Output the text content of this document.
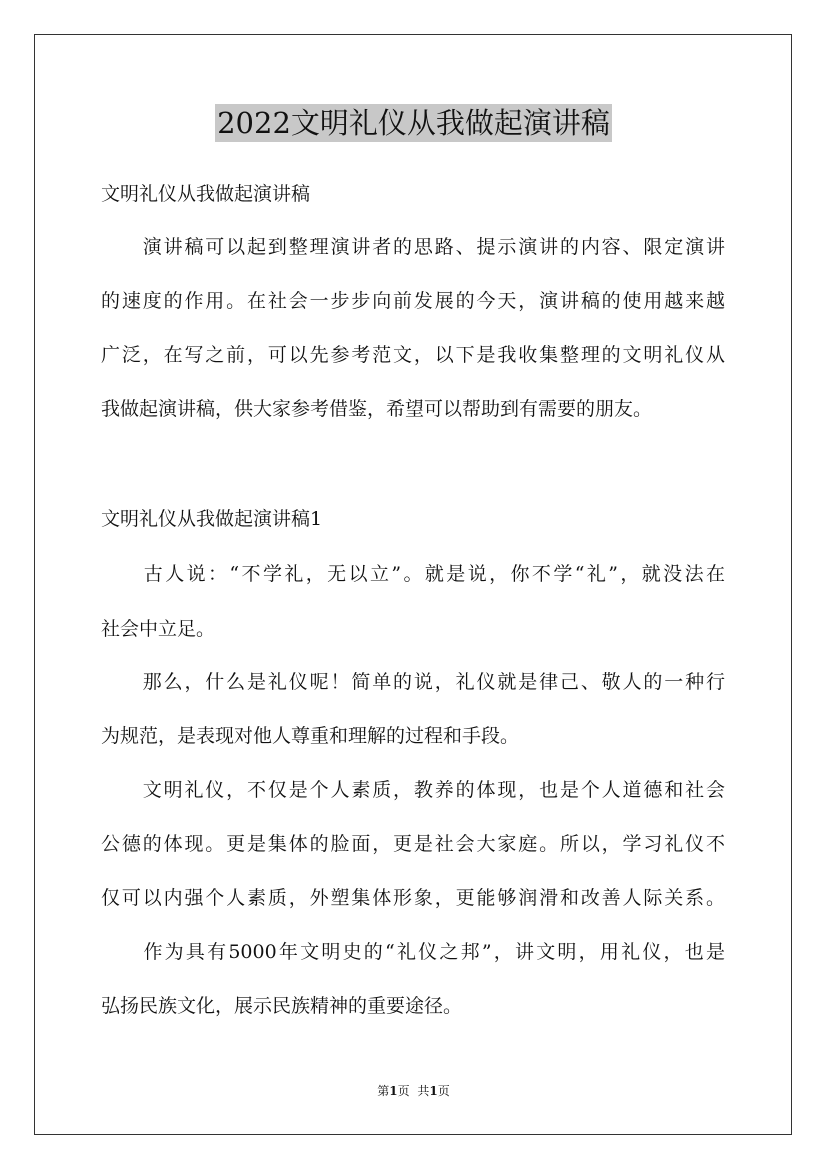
2022文明礼仪从我做起演讲稿
文明礼仪从我做起演讲稿
　　演讲稿可以起到整理演讲者的思路、提示演讲的内容、限定演讲
的速度的作用。在社会一步步向前发展的今天，演讲稿的使用越来越
广泛，在写之前，可以先参考范文，以下是我收集整理的文明礼仪从
我做起演讲稿，供大家参考借鉴，希望可以帮助到有需要的朋友。
文明礼仪从我做起演讲稿1
　　古人说：“不学礼，无以立”。就是说，你不学“礼”，就没法在
社会中立足。
　　那么，什么是礼仪呢！简单的说，礼仪就是律己、敬人的一种行
为规范，是表现对他人尊重和理解的过程和手段。
　　文明礼仪，不仅是个人素质，教养的体现，也是个人道德和社会
公德的体现。更是集体的脸面，更是社会大家庭。所以，学习礼仪不
仅可以内强个人素质，外塑集体形象，更能够润滑和改善人际关系。
　　作为具有5000年文明史的“礼仪之邦”，讲文明，用礼仪，也是
弘扬民族文化，展示民族精神的重要途径。
第1页 共1页
